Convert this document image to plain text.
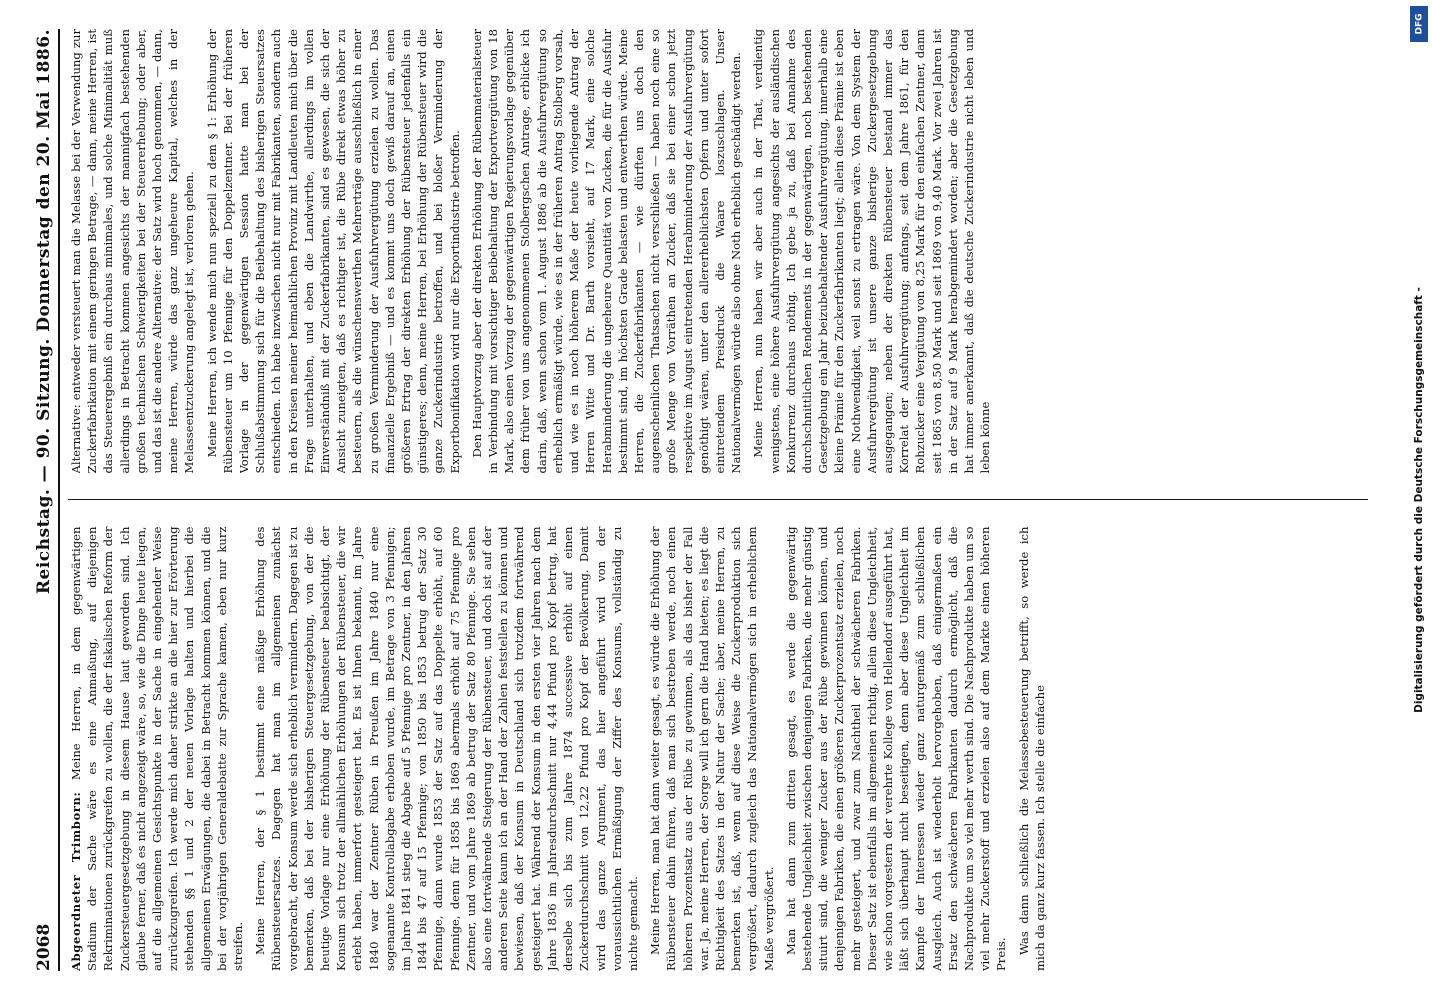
2068
Reichstag. — 90. Sitzung. Donnerstag den 20. Mai 1886.

Abgeordneter Trimborn: Meine Herren, in dem gegenwärtigen Stadium der Sache wäre es eine Anmaßung, auf diejenigen Rekriminationen zurückgreifen zu wollen, die der fiskalischen Reform der Zuckersteuergesetzgebung in diesem Hause laut geworden sind. Ich glaube ferner, daß es nicht angezeigt wäre, so, wie die Dinge heute liegen, auf die allgemeinen Gesichtspunkte in der Sache in eingehender Weise zurückzugreifen. Ich werde mich daher strikte an die hier zur Erörterung stehenden §§ 1 und 2 der neuen Vorlage halten und hierbei die allgemeinen Erwägungen, die dabei in Betracht kommen können, und die bei der vorjährigen Generaldebatte zur Sprache kamen, eben nur kurz streifen. Meine Herren, der § 1 bestimmt eine mäßige Erhöhung des Rübensteuersatzes. Dagegen hat man im allgemeinen zunächst vorgebracht, der Konsum werde sich erheblich vermindern. Dagegen ist zu bemerken, daß bei der bisherigen Steuergesetzgebung, von der die heutige Vorlage nur eine Erhöhung der Rübensteuer beabsichtigt, der Konsum sich trotz der allmählichen Erhöhungen der Rübensteuer, die wir erlebt haben, immerfort gesteigert hat. Es ist Ihnen bekannt, im Jahre 1840 war der Zentner Rüben in Preußen im Jahre 1840 nur eine sogenannte Kontrollabgabe erhoben wurde, im Betrage von 3 Pfennigen; im Jahre 1841 stieg die Abgabe auf 5 Pfennige pro Zentner, in den Jahren 1844 bis 47 auf 15 Pfennige; von 1850 bis 1853 betrug der Satz 30 Pfennige, dann wurde 1853 der Satz auf das Doppelte erhöht, auf 60 Pfennige, denn für 1858 bis 1869 abermals erhöht auf 75 Pfennige pro Zentner, und vom Jahre 1869 ab betrug der Satz 80 Pfennige. Sie sehen also eine fortwährende Steigerung der Rübensteuer, und doch ist auf der anderen Seite kaum ich an der Hand der Zahlen feststellen zu können und bewiesen, daß der Konsum in Deutschland sich trotzdem fortwährend gesteigert hat. Während der Konsum in den ersten vier Jahren nach dem Jahre 1836 im Jahresdurchschnitt nur 4,44 Pfund pro Kopf betrug, hat derselbe sich bis zum Jahre 1874 successive erhöht auf einen Zuckerdurchschnitt von 12,22 Pfund pro Kopf der Bevölkerung. Damit wird das ganze Argument, das hier angeführt wird von der voraussichtlichen Ermäßigung der Ziffer des Konsums, vollständig zu nichte gemacht. Meine Herren, man hat dann weiter gesagt, es würde die Erhöhung der Rübensteuer dahin führen, daß man sich bestreben werde, noch einen höheren Prozentsatz aus der Rübe zu gewinnen, als das bisher der Fall war. Ja, meine Herren, der Sorge will ich gern die Hand bieten; es liegt die Richtigkeit des Satzes in der Natur der Sache; aber, meine Herren, zu bemerken ist, daß, wenn auf diese Weise die Zuckerproduktion sich vergrößert, dadurch zugleich das Nationalvermögen sich in erheblichem Maße vergrößert. Man hat dann zum dritten gesagt, es werde die gegenwärtig bestehende Ungleichheit zwischen denjenigen Fabriken, die mehr günstig situirt sind, die weniger Zucker aus der Rübe gewinnen können, und denjenigen Fabriken, die einen größeren Zuckerprozentsatz erzielen, noch mehr gesteigert, und zwar zum Nachtheil der schwächeren Fabriken. Dieser Satz ist ebenfalls im allgemeinen richtig, allein diese Ungleichheit, wie schon vorgestern der verehrte Kollege von Hellendorf ausgeführt hat, läßt sich überhaupt nicht beseitigen, denn aber diese Ungleichheit im Kampfe der Interessen wieder ganz naturgemäß zum schließlichen Ausgleich. Auch ist wiederholt hervorgehoben, daß einigermaßen ein Ersatz den schwächeren Fabrikanten dadurch ermöglicht, daß die Nachprodukte um so viel mehr werth sind. Die Nachprodukte haben um so viel mehr Zuckerstoff und erzielen also auf dem Markte einen höheren Preis. Was dann schließlich die Melassebesteuerung betrifft, so werde ich mich da ganz kurz fassen. Ich stelle die einfache

Alternative: entweder versteuert man die Melasse bei der Verwendung zur Zuckerfabrikation mit einem geringen Betrage, — dann, meine Herren, ist das Steuerergebniß ein durchaus minimales, und solche Minimalität muß allerdings in Betracht kommen angesichts der mannigfach bestehenden großen technischen Schwierigkeiten bei der Steuererhebung; oder aber, und das ist die andere Alternative: der Satz wird hoch genommen, — dann, meine Herren, würde das ganz ungeheure Kapital, welches in der Melasseentzuckerung angelegt ist, verloren gehen. Meine Herren, ich wende mich nun speziell zu dem § 1: Erhöhung der Rübensteuer um 10 Pfennige für den Doppelzentner. Bei der früheren Vorlage in der gegenwärtigen Session hatte man bei der Schlußabstimmung sich für die Beibehaltung des bisherigen Steuersatzes entschieden. Ich habe inzwischen nicht nur mit Fabrikanten, sondern auch in den Kreisen meiner heimathlichen Provinz mit Landleuten mich über die Frage unterhalten, und eben die Landwirthe, allerdings im vollen Einverständniß mit der Zuckerfabrikanten, sind es gewesen, die sich der Ansicht zuneigten, daß es richtiger ist, die Rübe direkt etwas höher zu besteuern, als die wünschenswerthen Mehrerträge ausschließlich in einer zu großen Verminderung der Ausfuhrvergütung erzielen zu wollen. Das finanzielle Ergebniß — und es kommt uns doch gewiß darauf an, einen größeren Ertrag der direkten Erhöhung der Rübensteuer jedenfalls ein günstigeres; denn, meine Herren, bei Erhöhung der Rübensteuer wird die ganze Zuckerindustrie betroffen, und bei bloßer Verminderung der Exportbonifikation wird nur die Exportindustrie betroffen. Den Hauptvorzug aber der direkten Erhöhung der Rübenmaterialsteuer in Verbindung mit vorsichtiger Beibehaltung der Exportvergütung von 18 Mark, also einen Vorzug der gegenwärtigen Regierungsvorlage gegenüber dem früher von uns angenommenen Stolbergschen Antrage, erblicke ich darin, daß, wenn schon vom 1. August 1886 ab die Ausfuhrvergütung so erheblich ermäßigt würde, wie es in der früheren Antrag Stolberg vorsah, und wie es in noch höherem Maße der heute vorliegende Antrag der Herren Witte und Dr. Barth vorsieht, auf 17 Mark, eine solche Herabminderung die ungeheure Quantität von Zucken, die für die Ausfuhr bestimmt sind, im höchsten Grade belasten und entwerthen würde. Meine Herren, die Zuckerfabrikanten — wie dürften uns doch den augenscheinlichen Thatsachen nicht verschließen — haben noch eine so große Menge von Vorräthen an Zucker, daß sie bei einer schon jetzt respektive im August eintretenden Herabminderung der Ausfuhrvergütung genöthigt wären, unter den allererheblichsten Opfern und unter sofort eintretendem Preisdruck die Waare loszuschlagen. Unser Nationalvermögen würde also ohne Noth erheblich geschädigt werden. Meine Herren, nun haben wir aber auch in der That, verdientig wenigstens, eine höhere Ausfuhrvergütung angesichts der ausländischen Konkurrenz durchaus nöthig. Ich gebe ja zu, daß bei Annahme des durchschnittlichen Rendements in der gegenwärtigen, noch bestehenden Gesetzgebung ein Jahr beizubehaltender Ausfuhrvergütung, innerhalb eine kleine Prämie für den Zuckerfabrikanten liegt; allein diese Prämie ist eben eine Nothwendigkeit, weil sonst zu ertragen wäre. Von dem System der Ausfuhrvergütung ist unsere ganze bisherige Zuckergesetzgebung ausgegangen; neben der direkten Rübensteuer bestand immer das Korrelat der Ausfuhrvergütung; anfangs, seit dem Jahre 1861, für den Rohzucker eine Vergütung von 8,25 Mark für den einfachen Zentner, dann seit 1865 von 8,50 Mark und seit 1869 von 9,40 Mark. Vor zwei Jahren ist in der Satz auf 9 Mark herabgemindert worden; aber die Gesetzgebung hat immer anerkannt, daß die deutsche Zuckerindustrie nicht leben und leben könne	Digitalisierung gefördert durch die Deutsche Forschungsgemeinschaft -
DFG
